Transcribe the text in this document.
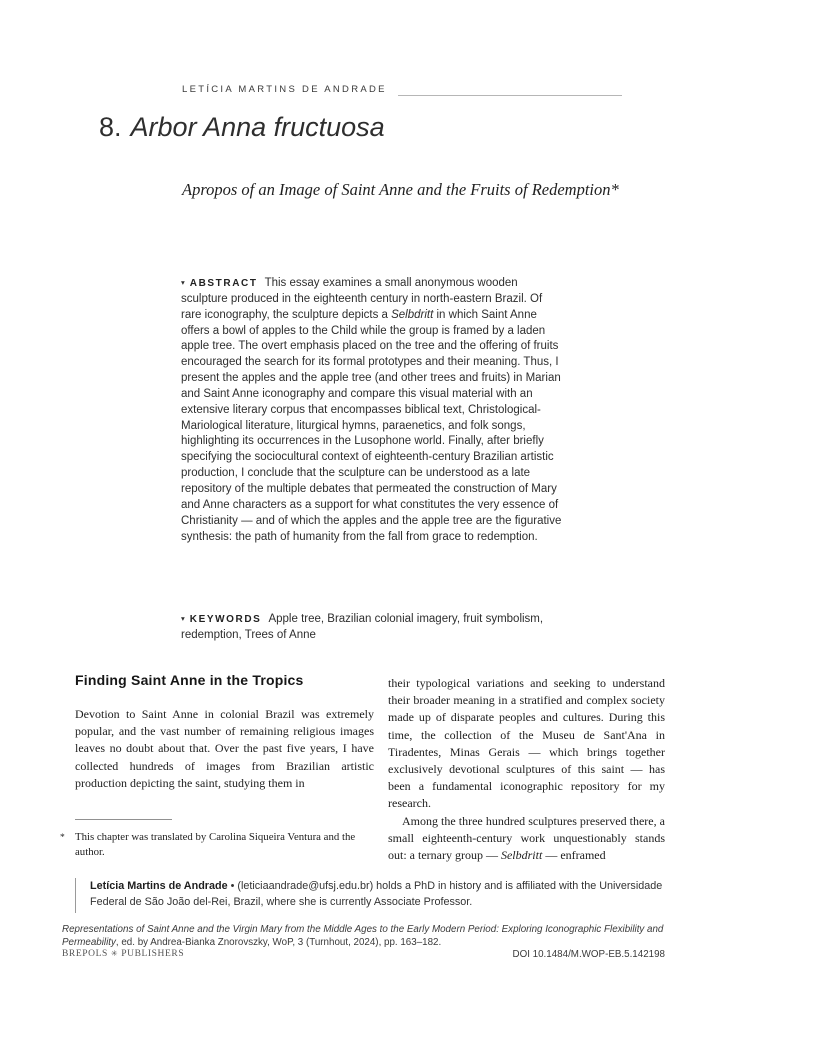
LETÍCIA MARTINS DE ANDRADE
8. Arbor Anna fructuosa
Apropos of an Image of Saint Anne and the Fruits of Redemption*
▾ ABSTRACT This essay examines a small anonymous wooden sculpture produced in the eighteenth century in north-eastern Brazil. Of rare iconography, the sculpture depicts a Selbdritt in which Saint Anne offers a bowl of apples to the Child while the group is framed by a laden apple tree. The overt emphasis placed on the tree and the offering of fruits encouraged the search for its formal prototypes and their meaning. Thus, I present the apples and the apple tree (and other trees and fruits) in Marian and Saint Anne iconography and compare this visual material with an extensive literary corpus that encompasses biblical text, Christological-Mariological literature, liturgical hymns, paraenetics, and folk songs, highlighting its occurrences in the Lusophone world. Finally, after briefly specifying the sociocultural context of eighteenth-century Brazilian artistic production, I conclude that the sculpture can be understood as a late repository of the multiple debates that permeated the construction of Mary and Anne characters as a support for what constitutes the very essence of Christianity — and of which the apples and the apple tree are the figurative synthesis: the path of humanity from the fall from grace to redemption.
▾ KEYWORDS Apple tree, Brazilian colonial imagery, fruit symbolism, redemption, Trees of Anne
Finding Saint Anne in the Tropics
Devotion to Saint Anne in colonial Brazil was extremely popular, and the vast number of remaining religious images leaves no doubt about that. Over the past five years, I have collected hundreds of images from Brazilian artistic production depicting the saint, studying them in

their typological variations and seeking to understand their broader meaning in a stratified and complex society made up of disparate peoples and cultures. During this time, the collection of the Museu de Sant'Ana in Tiradentes, Minas Gerais — which brings together exclusively devotional sculptures of this saint — has been a fundamental iconographic repository for my research.

Among the three hundred sculptures preserved there, a small eighteenth-century work unquestionably stands out: a ternary group — Selbdritt — enframed

* This chapter was translated by Carolina Siqueira Ventura and the author.
Letícia Martins de Andrade • (leticiaandrade@ufsj.edu.br) holds a PhD in history and is affiliated with the Universidade Federal de São João del-Rei, Brazil, where she is currently Associate Professor.
Representations of Saint Anne and the Virgin Mary from the Middle Ages to the Early Modern Period: Exploring Iconographic Flexibility and Permeability, ed. by Andrea-Bianka Znorovszky, WoP, 3 (Turnhout, 2024), pp. 163–182.
BREPOLS ✳ PUBLISHERS	DOI 10.1484/M.WOP-EB.5.142198
